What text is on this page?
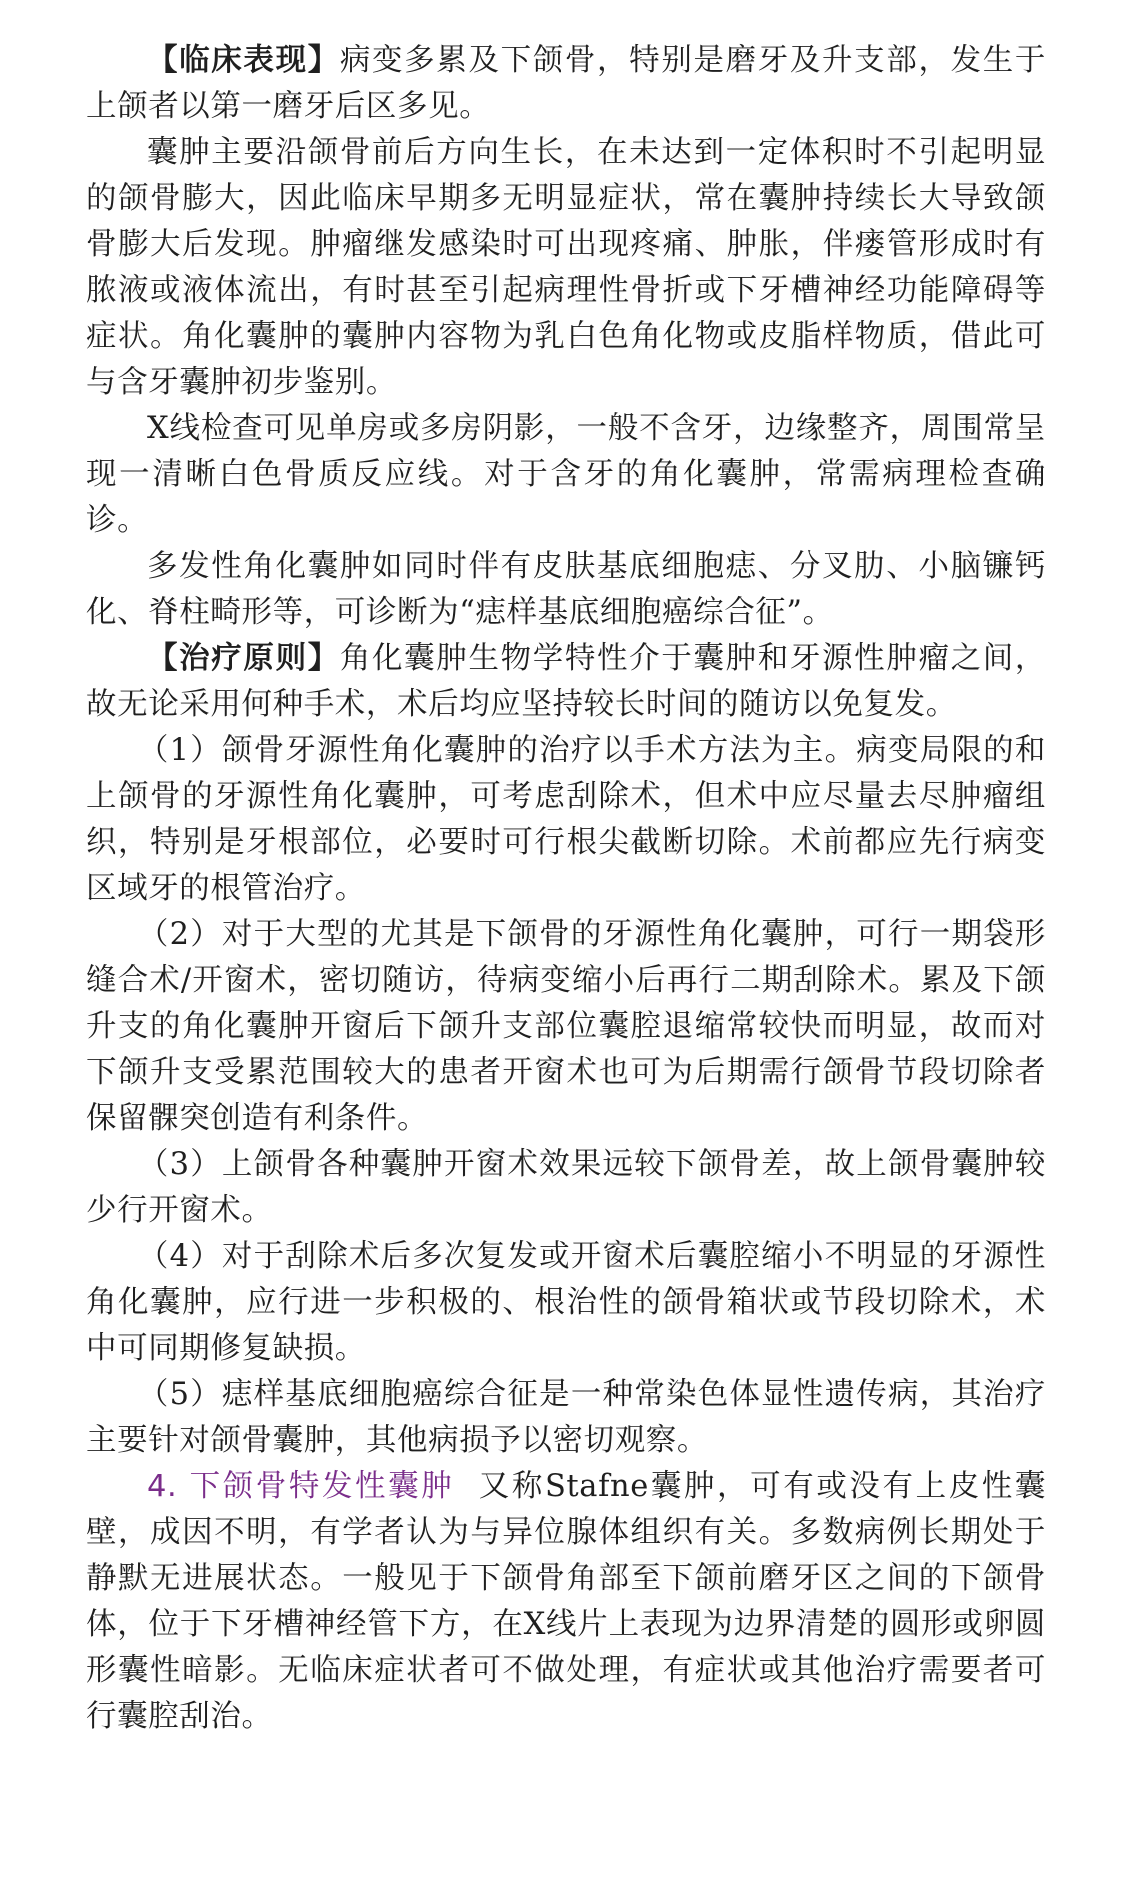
【临床表现】病变多累及下颌骨，特别是磨牙及升支部，发生于上颌者以第一磨牙后区多见。

囊肿主要沿颌骨前后方向生长，在未达到一定体积时不引起明显的颌骨膨大，因此临床早期多无明显症状，常在囊肿持续长大导致颌骨膨大后发现。肿瘤继发感染时可出现疼痛、肿胀，伴瘘管形成时有脓液或液体流出，有时甚至引起病理性骨折或下牙槽神经功能障碍等症状。角化囊肿的囊肿内容物为乳白色角化物或皮脂样物质，借此可与含牙囊肿初步鉴别。

X线检查可见单房或多房阴影，一般不含牙，边缘整齐，周围常呈现一清晰白色骨质反应线。对于含牙的角化囊肿，常需病理检查确诊。

多发性角化囊肿如同时伴有皮肤基底细胞痣、分叉肋、小脑镰钙化、脊柱畸形等，可诊断为“痣样基底细胞癌综合征”。

【治疗原则】角化囊肿生物学特性介于囊肿和牙源性肿瘤之间，故无论采用何种手术，术后均应坚持较长时间的随访以免复发。

（1）颌骨牙源性角化囊肿的治疗以手术方法为主。病变局限的和上颌骨的牙源性角化囊肿，可考虑刮除术，但术中应尽量去尽肿瘤组织，特别是牙根部位，必要时可行根尖截断切除。术前都应先行病变区域牙的根管治疗。

（2）对于大型的尤其是下颌骨的牙源性角化囊肿，可行一期袋形缝合术/开窗术，密切随访，待病变缩小后再行二期刮除术。累及下颌升支的角化囊肿开窗后下颌升支部位囊腔退缩常较快而明显，故而对下颌升支受累范围较大的患者开窗术也可为后期需行颌骨节段切除者保留髁突创造有利条件。

（3）上颌骨各种囊肿开窗术效果远较下颌骨差，故上颌骨囊肿较少行开窗术。

（4）对于刮除术后多次复发或开窗术后囊腔缩小不明显的牙源性角化囊肿，应行进一步积极的、根治性的颌骨箱状或节段切除术，术中可同期修复缺损。

（5）痣样基底细胞癌综合征是一种常染色体显性遗传病，其治疗主要针对颌骨囊肿，其他病损予以密切观察。

4. 下颌骨特发性囊肿 又称Stafne囊肿，可有或没有上皮性囊壁，成因不明，有学者认为与异位腺体组织有关。多数病例长期处于静默无进展状态。一般见于下颌骨角部至下颌前磨牙区之间的下颌骨体，位于下牙槽神经管下方，在X线片上表现为边界清楚的圆形或卵圆形囊性暗影。无临床症状者可不做处理，有症状或其他治疗需要者可行囊腔刮治。
